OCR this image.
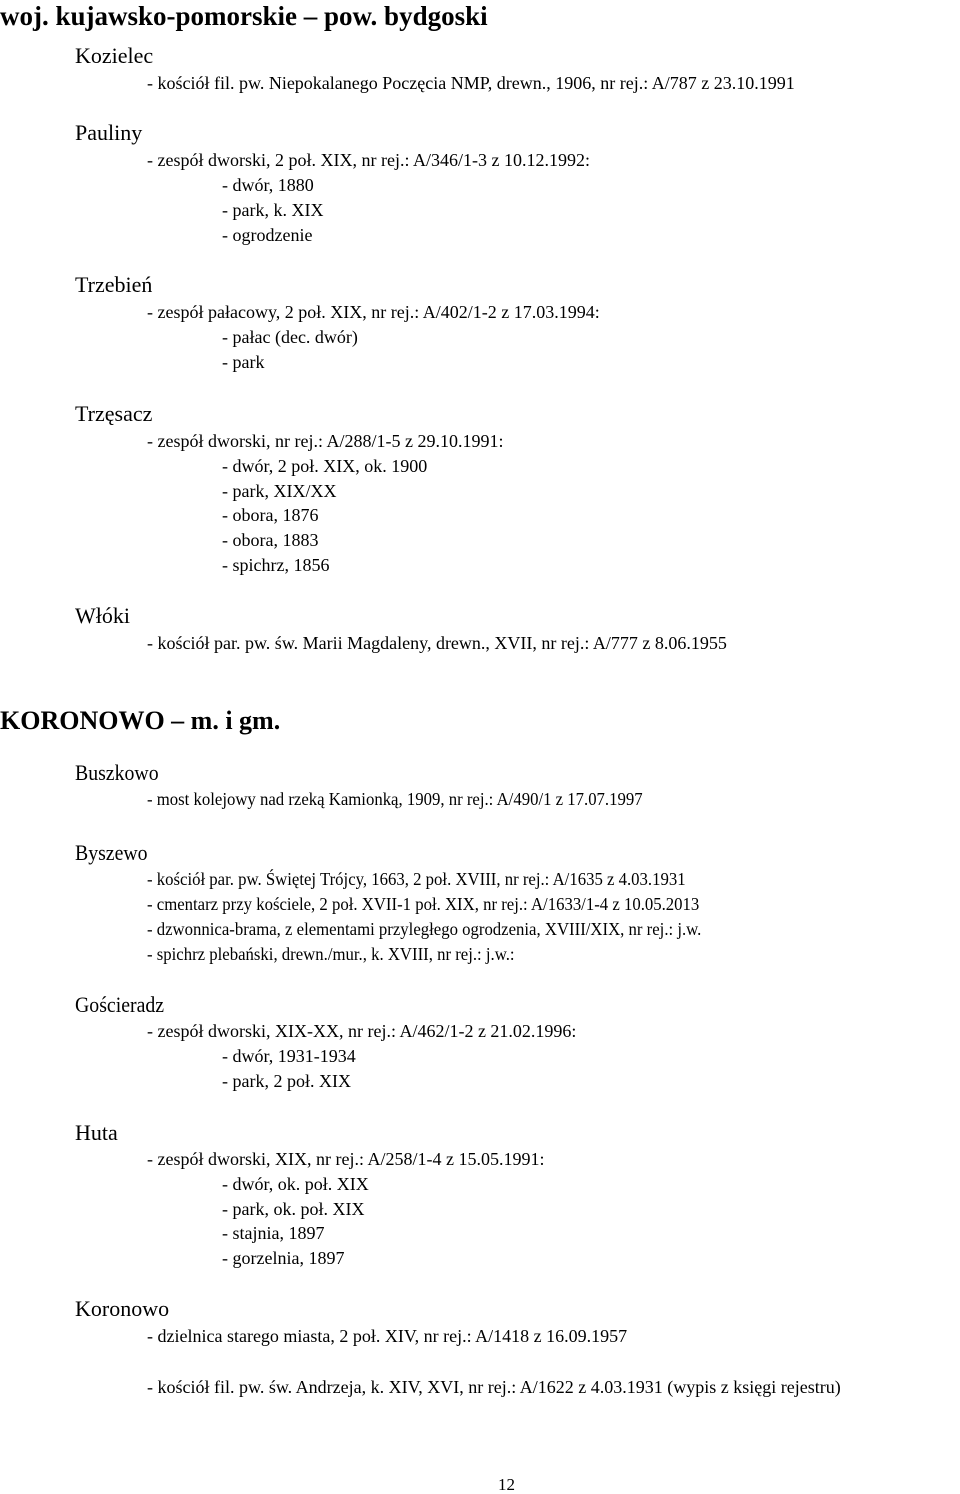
woj. kujawsko-pomorskie – pow. bydgoski
Kozielec
- kościół fil. pw. Niepokalanego Poczęcia NMP, drewn., 1906, nr rej.: A/787 z 23.10.1991
Pauliny
- zespół dworski, 2 poł. XIX, nr rej.: A/346/1-3 z 10.12.1992:
- dwór, 1880
- park, k. XIX
- ogrodzenie
Trzebień
- zespół pałacowy, 2 poł. XIX, nr rej.: A/402/1-2 z 17.03.1994:
- pałac (dec. dwór)
- park
Trzęsacz
- zespół dworski, nr rej.: A/288/1-5 z 29.10.1991:
- dwór, 2 poł. XIX, ok. 1900
- park, XIX/XX
- obora, 1876
- obora, 1883
- spichrz, 1856
Włóki
- kościół par. pw. św. Marii Magdaleny, drewn., XVII, nr rej.: A/777 z 8.06.1955
KORONOWO – m. i gm.
Buszkowo
- most kolejowy nad rzeką Kamionką, 1909, nr rej.: A/490/1 z 17.07.1997
Byszewo
- kościół par. pw. Świętej Trójcy, 1663, 2 poł. XVIII, nr rej.: A/1635 z 4.03.1931
- cmentarz przy kościele, 2 poł. XVII-1 poł. XIX, nr rej.: A/1633/1-4 z 10.05.2013
- dzwonnica-brama, z elementami przyległego ogrodzenia, XVIII/XIX, nr rej.: j.w.
- spichrz plebański, drewn./mur., k. XVIII, nr rej.: j.w.:
Gościeradz
- zespół dworski, XIX-XX, nr rej.: A/462/1-2 z 21.02.1996:
- dwór, 1931-1934
- park, 2 poł. XIX
Huta
- zespół dworski, XIX, nr rej.: A/258/1-4 z 15.05.1991:
- dwór, ok. poł. XIX
- park, ok. poł. XIX
- stajnia, 1897
- gorzelnia, 1897
Koronowo
- dzielnica starego miasta, 2 poł. XIV, nr rej.: A/1418 z 16.09.1957
- kościół fil. pw. św. Andrzeja, k. XIV, XVI, nr rej.: A/1622 z 4.03.1931 (wypis z księgi rejestru)
12
